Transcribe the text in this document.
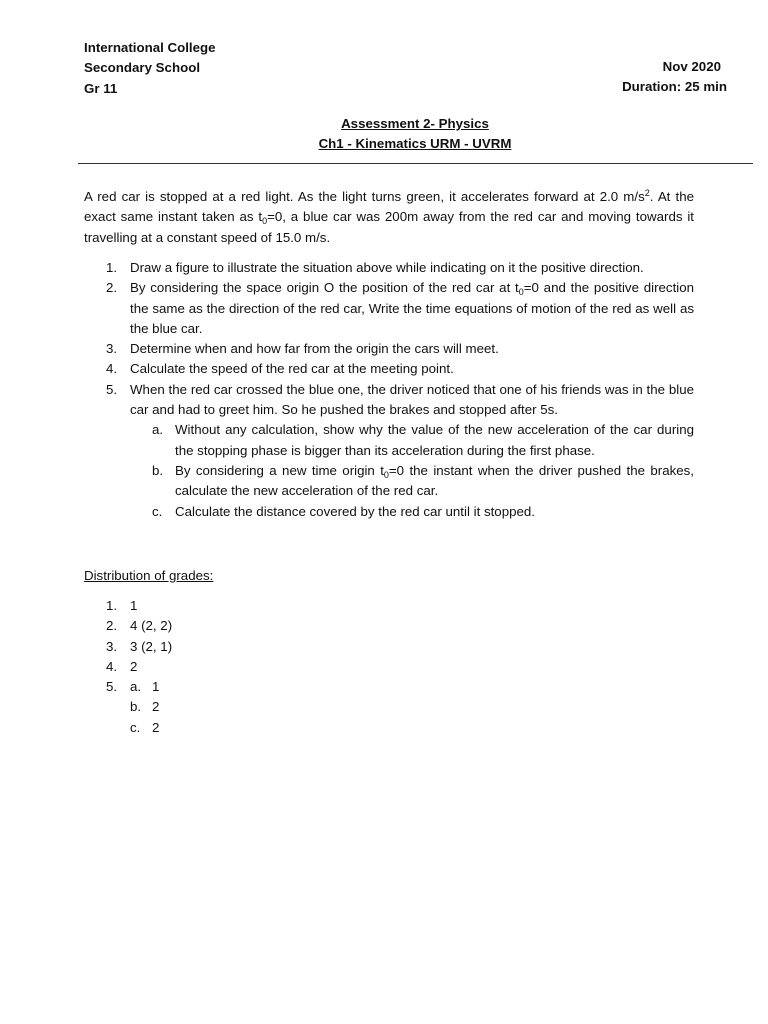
International College
Secondary School
Gr 11
Nov 2020
Duration: 25 min
Assessment 2- Physics
Ch1 - Kinematics URM - UVRM
A red car is stopped at a red light. As the light turns green, it accelerates forward at 2.0 $m/s^2$. At the exact same instant taken as $t_0=0$, a blue car was 200m away from the red car and moving towards it travelling at a constant speed of 15.0 m/s.
1. Draw a figure to illustrate the situation above while indicating on it the positive direction.
2. By considering the space origin O the position of the red car at $t_0=0$ and the positive direction the same as the direction of the red car, Write the time equations of motion of the red as well as the blue car.
3. Determine when and how far from the origin the cars will meet.
4. Calculate the speed of the red car at the meeting point.
5. When the red car crossed the blue one, the driver noticed that one of his friends was in the blue car and had to greet him. So he pushed the brakes and stopped after 5s.
a. Without any calculation, show why the value of the new acceleration of the car during the stopping phase is bigger than its acceleration during the first phase.
b. By considering a new time origin $t_0=0$ the instant when the driver pushed the brakes, calculate the new acceleration of the red car.
c. Calculate the distance covered by the red car until it stopped.
Distribution of grades:
1. 1
2. 4 (2, 2)
3. 3 (2, 1)
4. 2
5. a. 1
b. 2
c. 2
